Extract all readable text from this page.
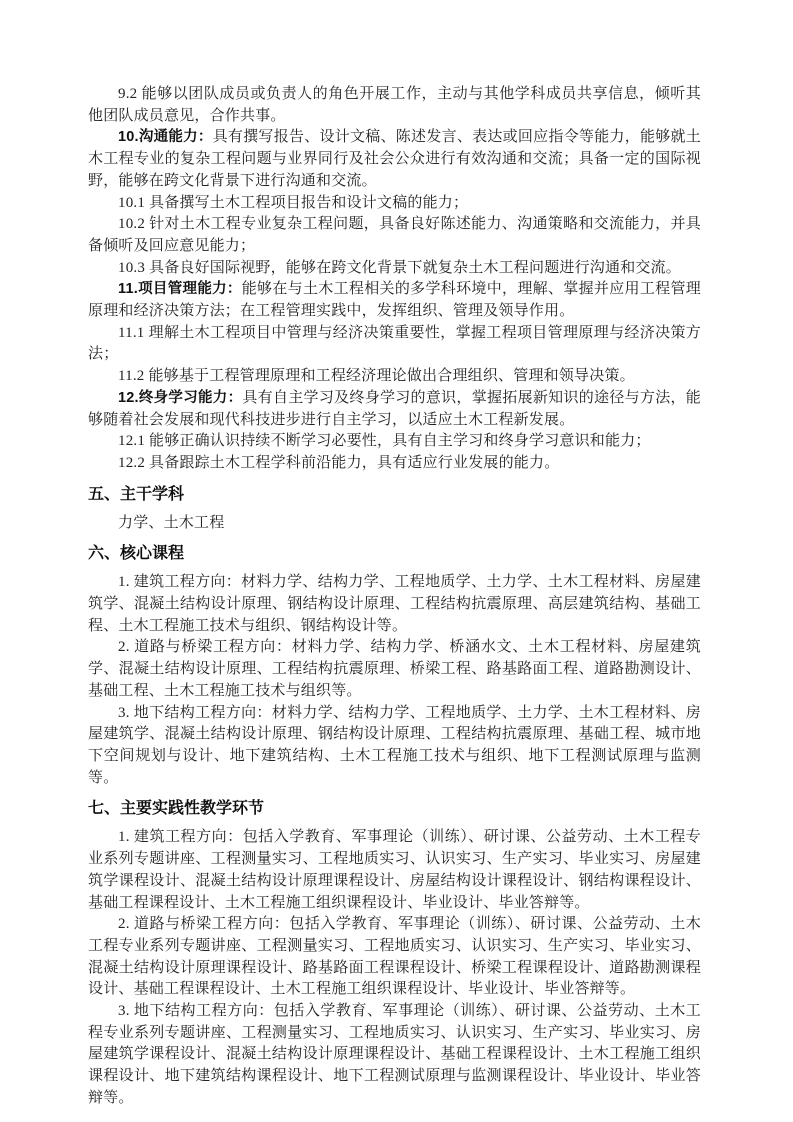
9.2 能够以团队成员或负责人的角色开展工作，主动与其他学科成员共享信息，倾听其他团队成员意见，合作共事。

10.沟通能力：具有撰写报告、设计文稿、陈述发言、表达或回应指令等能力，能够就土木工程专业的复杂工程问题与业界同行及社会公众进行有效沟通和交流；具备一定的国际视野，能够在跨文化背景下进行沟通和交流。

10.1 具备撰写土木工程项目报告和设计文稿的能力；

10.2 针对土木工程专业复杂工程问题，具备良好陈述能力、沟通策略和交流能力，并具备倾听及回应意见能力；

10.3 具备良好国际视野，能够在跨文化背景下就复杂土木工程问题进行沟通和交流。

11.项目管理能力：能够在与土木工程相关的多学科环境中，理解、掌握并应用工程管理原理和经济决策方法；在工程管理实践中，发挥组织、管理及领导作用。

11.1 理解土木工程项目中管理与经济决策重要性，掌握工程项目管理原理与经济决策方法；

11.2 能够基于工程管理原理和工程经济理论做出合理组织、管理和领导决策。

12.终身学习能力：具有自主学习及终身学习的意识，掌握拓展新知识的途径与方法，能够随着社会发展和现代科技进步进行自主学习，以适应土木工程新发展。

12.1 能够正确认识持续不断学习必要性，具有自主学习和终身学习意识和能力；

12.2 具备跟踪土木工程学科前沿能力，具有适应行业发展的能力。

五、主干学科

力学、土木工程

六、核心课程

1. 建筑工程方向：材料力学、结构力学、工程地质学、土力学、土木工程材料、房屋建筑学、混凝土结构设计原理、钢结构设计原理、工程结构抗震原理、高层建筑结构、基础工程、土木工程施工技术与组织、钢结构设计等。

2. 道路与桥梁工程方向：材料力学、结构力学、桥涵水文、土木工程材料、房屋建筑学、混凝土结构设计原理、工程结构抗震原理、桥梁工程、路基路面工程、道路勘测设计、基础工程、土木工程施工技术与组织等。

3. 地下结构工程方向：材料力学、结构力学、工程地质学、土力学、土木工程材料、房屋建筑学、混凝土结构设计原理、钢结构设计原理、工程结构抗震原理、基础工程、城市地下空间规划与设计、地下建筑结构、土木工程施工技术与组织、地下工程测试原理与监测等。

七、主要实践性教学环节

1. 建筑工程方向：包括入学教育、军事理论（训练）、研讨课、公益劳动、土木工程专业系列专题讲座、工程测量实习、工程地质实习、认识实习、生产实习、毕业实习、房屋建筑学课程设计、混凝土结构设计原理课程设计、房屋结构设计课程设计、钢结构课程设计、基础工程课程设计、土木工程施工组织课程设计、毕业设计、毕业答辩等。

2. 道路与桥梁工程方向：包括入学教育、军事理论（训练）、研讨课、公益劳动、土木工程专业系列专题讲座、工程测量实习、工程地质实习、认识实习、生产实习、毕业实习、混凝土结构设计原理课程设计、路基路面工程课程设计、桥梁工程课程设计、道路勘测课程设计、基础工程课程设计、土木工程施工组织课程设计、毕业设计、毕业答辩等。

3. 地下结构工程方向：包括入学教育、军事理论（训练）、研讨课、公益劳动、土木工程专业系列专题讲座、工程测量实习、工程地质实习、认识实习、生产实习、毕业实习、房屋建筑学课程设计、混凝土结构设计原理课程设计、基础工程课程设计、土木工程施工组织课程设计、地下建筑结构课程设计、地下工程测试原理与监测课程设计、毕业设计、毕业答辩等。
